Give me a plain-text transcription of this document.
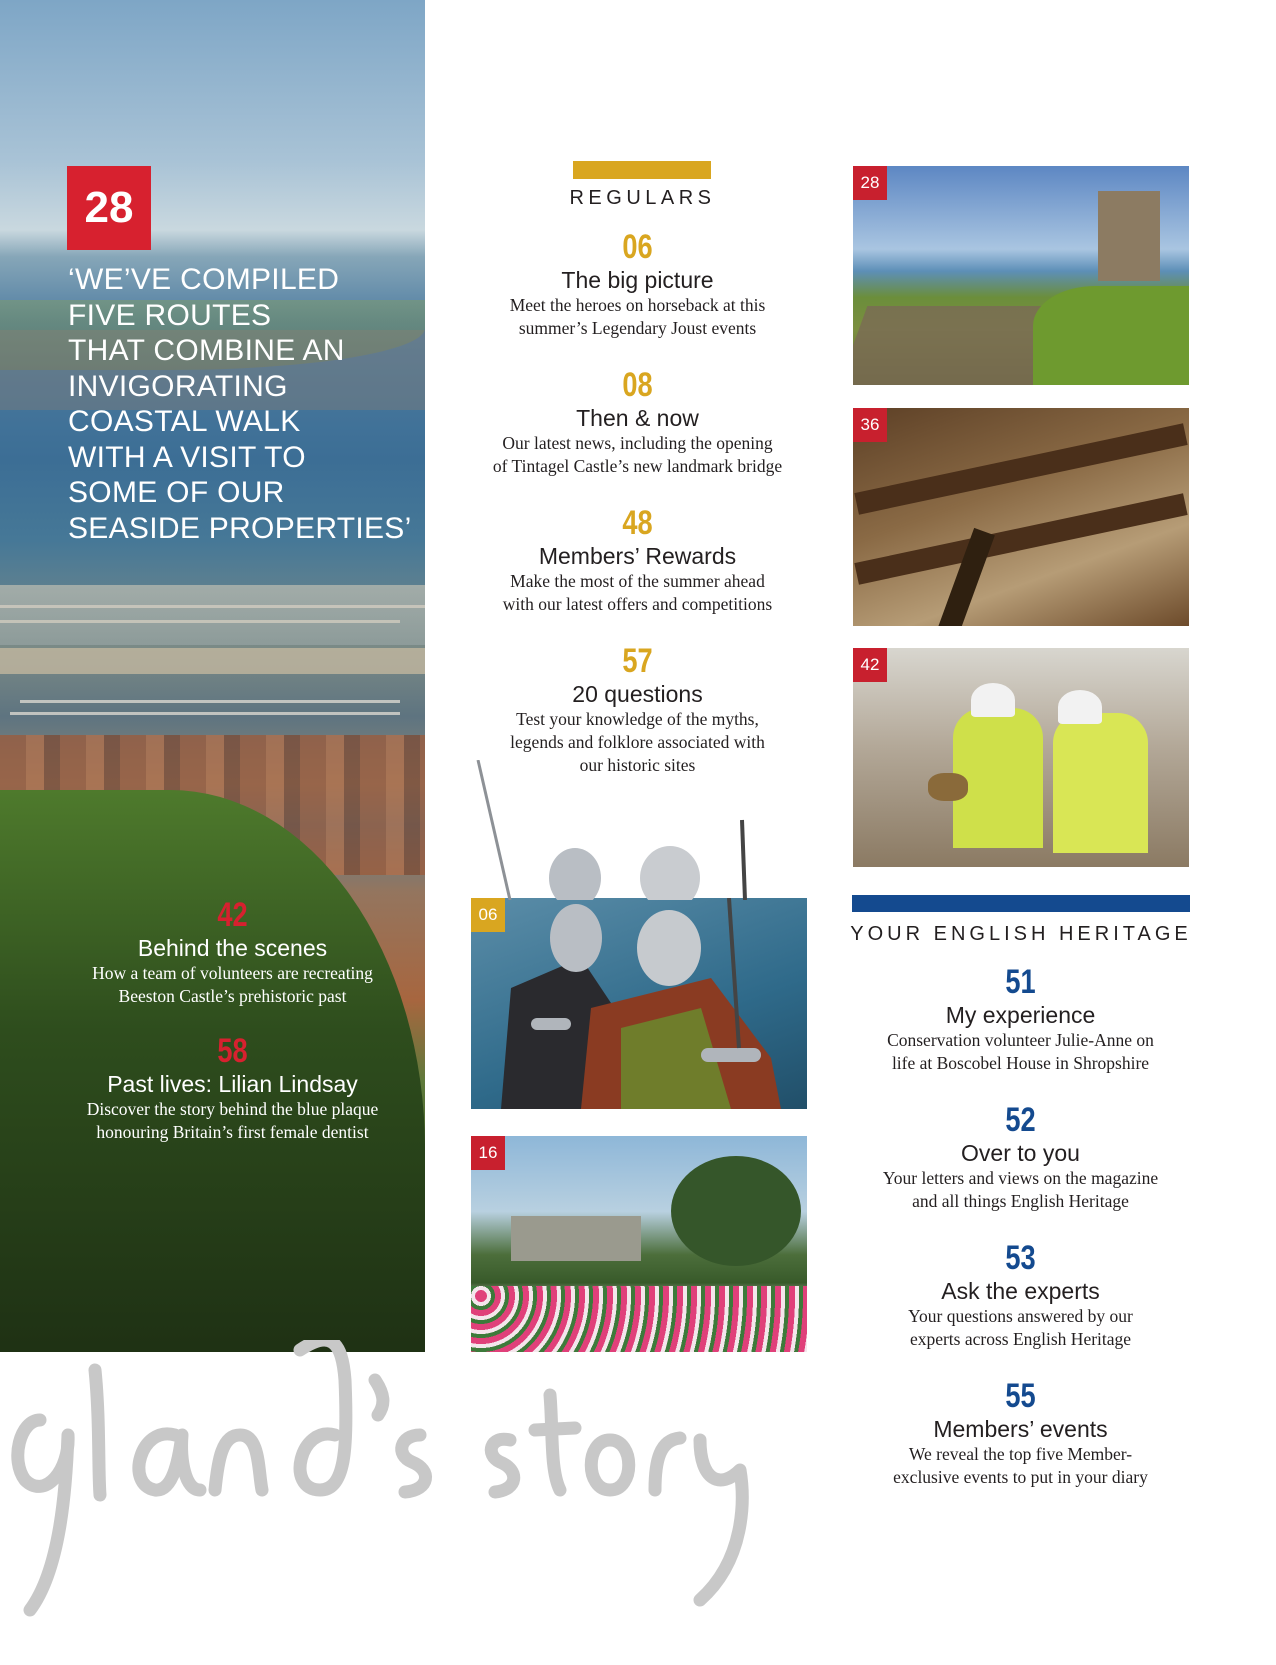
28
‘WE’VE COMPILED
FIVE ROUTES
THAT COMBINE AN
INVIGORATING
COASTAL WALK
WITH A VISIT TO
SOME OF OUR
SEASIDE PROPERTIES’
42
Behind the scenes
How a team of volunteers are recreating
Beeston Castle’s prehistoric past
58
Past lives: Lilian Lindsay
Discover the story behind the blue plaque
honouring Britain’s first female dentist
REGULARS
06
The big picture
Meet the heroes on horseback at this
summer’s Legendary Joust events
08
Then & now
Our latest news, including the opening
of Tintagel Castle’s new landmark bridge
48
Members’ Rewards
Make the most of the summer ahead
with our latest offers and competitions
57
20 questions
Test your knowledge of the myths,
legends and folklore associated with
our historic sites
06
16
28
36
42
YOUR ENGLISH HERITAGE
51
My experience
Conservation volunteer Julie-Anne on
life at Boscobel House in Shropshire
52
Over to you
Your letters and views on the magazine
and all things English Heritage
53
Ask the experts
Your questions answered by our
experts across English Heritage
55
Members’ events
We reveal the top five Member-
exclusive events to put in your diary
